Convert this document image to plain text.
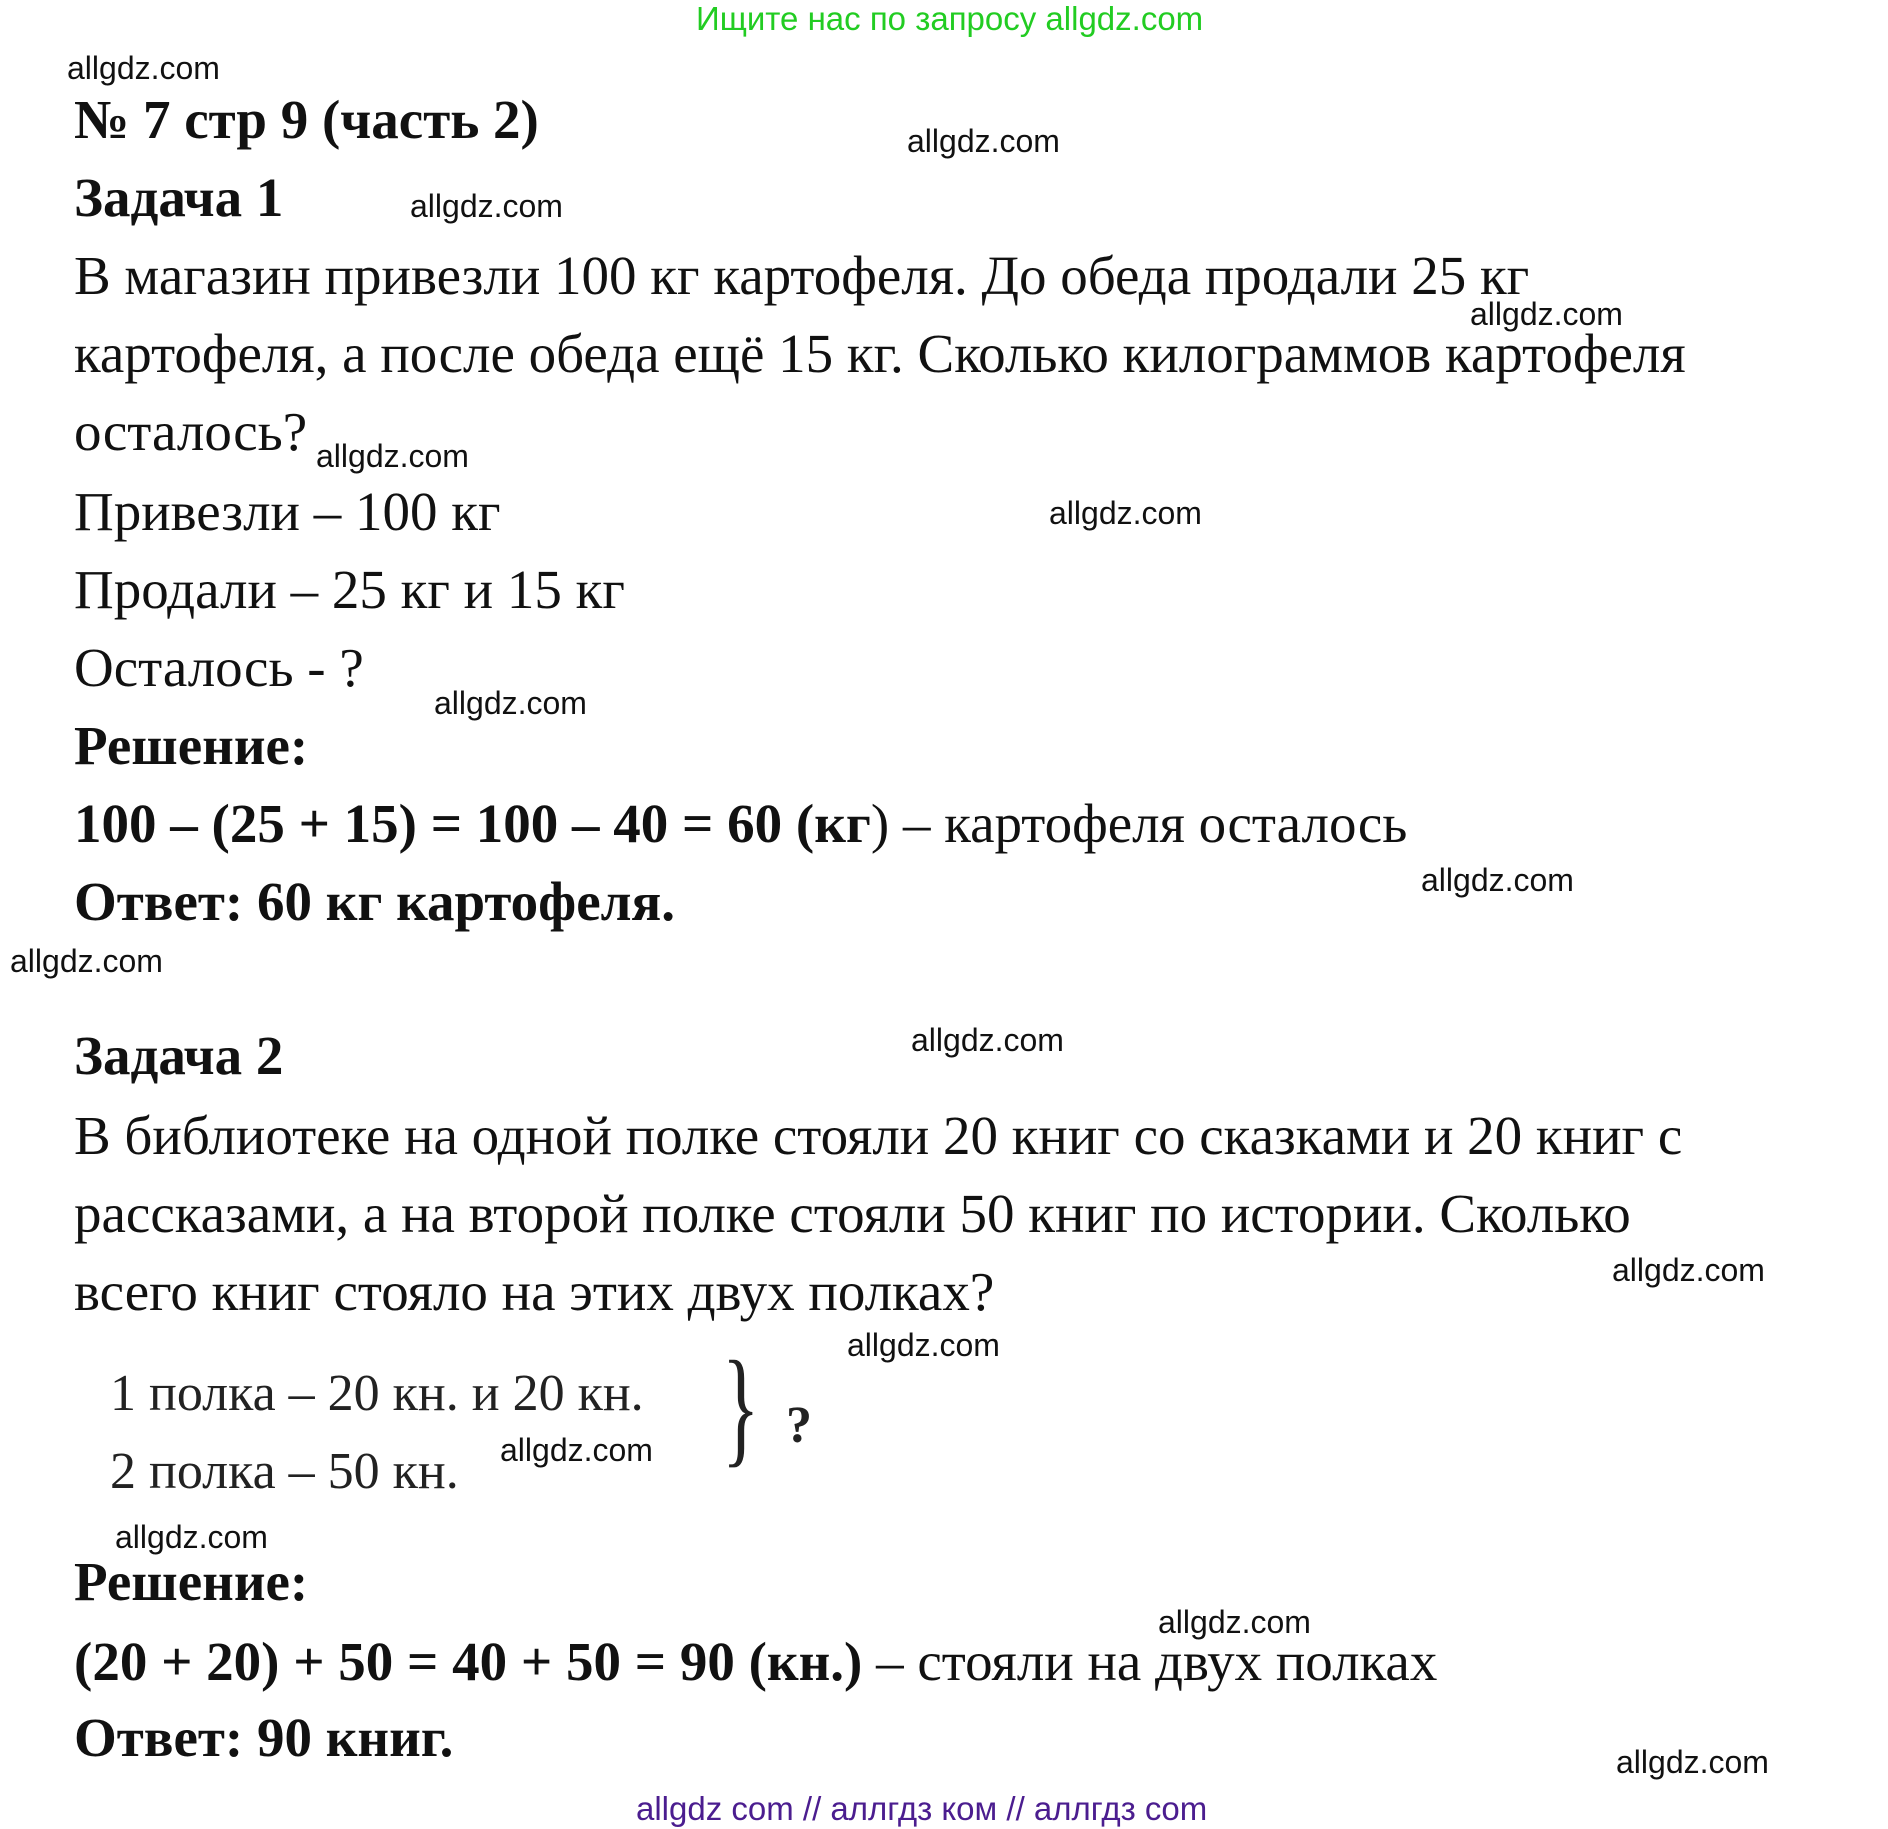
Ищите нас по запросу allgdz.com
allgdz.com
№ 7 стр 9 (часть 2)	allgdz.com
Задача 1	allgdz.com
В магазин привезли 100 кг картофеля. До обеда продали 25 кг
allgdz.com
картофеля, а после обеда ещё 15 кг. Сколько килограммов картофеля
осталось? allgdz.com
Привезли – 100 кг	allgdz.com
Продали – 25 кг и 15 кг
Осталось - ?
allgdz.com
Решение:
100 – (25 + 15) = 100 – 40 = 60 (кг) – картофеля осталось
allgdz.com
Ответ: 60 кг картофеля.
allgdz.com
Задача 2	allgdz.com
В библиотеке на одной полке стояли 20 книг со сказками и 20 книг с
рассказами, а на второй полке стояли 50 книг по истории. Сколько
allgdz.com
всего книг стояло на этих двух полках?
allgdz.com
1 полка – 20 кн. и 20 кн.
2 полка – 50 кн. allgdz.com } ?
allgdz.com
Решение:
allgdz.com
(20 + 20) + 50 = 40 + 50 = 90 (кн.) – стояли на двух полках
Ответ: 90 книг.	allgdz.com
allgdz com // аллгдз ком // аллгдз com
